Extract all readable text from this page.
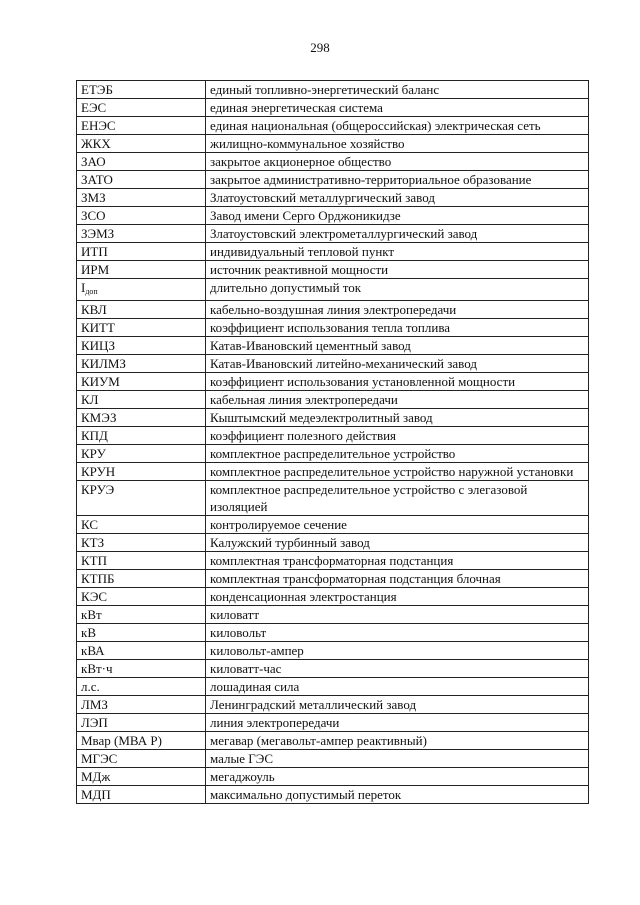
298
ЕТЭБ	единый топливно-энергетический баланс
ЕЭС	единая энергетическая система
ЕНЭС	единая национальная (общероссийская) электрическая сеть
ЖКХ	жилищно-коммунальное хозяйство
ЗАО	закрытое акционерное общество
ЗАТО	закрытое административно-территориальное образование
ЗМЗ	Златоустовский металлургический завод
ЗСО	Завод имени Серго Орджоникидзе
ЗЭМЗ	Златоустовский электрометаллургический завод
ИТП	индивидуальный тепловой пункт
ИРМ	источник реактивной мощности
$I_{доп}$	длительно допустимый ток
КВЛ	кабельно-воздушная линия электропередачи
КИТТ	коэффициент использования тепла топлива
КИЦЗ	Катав-Ивановский цементный завод
КИЛМЗ	Катав-Ивановский литейно-механический завод
КИУМ	коэффициент использования установленной мощности
КЛ	кабельная линия электропередачи
КМЭЗ	Кыштымский медеэлектролитный завод
КПД	коэффициент полезного действия
КРУ	комплектное распределительное устройство
КРУН	комплектное распределительное устройство наружной установки
КРУЭ	комплектное распределительное устройство с элегазовой изоляцией
КС	контролируемое сечение
КТЗ	Калужский турбинный завод
КТП	комплектная трансформаторная подстанция
КТПБ	комплектная трансформаторная подстанция блочная
КЭС	конденсационная электростанция
кВт	киловатт
кВ	киловольт
кВА	киловольт-ампер
кВт·ч	киловатт-час
л.с.	лошадиная сила
ЛМЗ	Ленинградский металлический завод
ЛЭП	линия электропередачи
Мвар (МВА Р)	мегавар (мегавольт-ампер реактивный)
МГЭС	малые ГЭС
МДж	мегаджоуль
МДП	максимально допустимый переток
